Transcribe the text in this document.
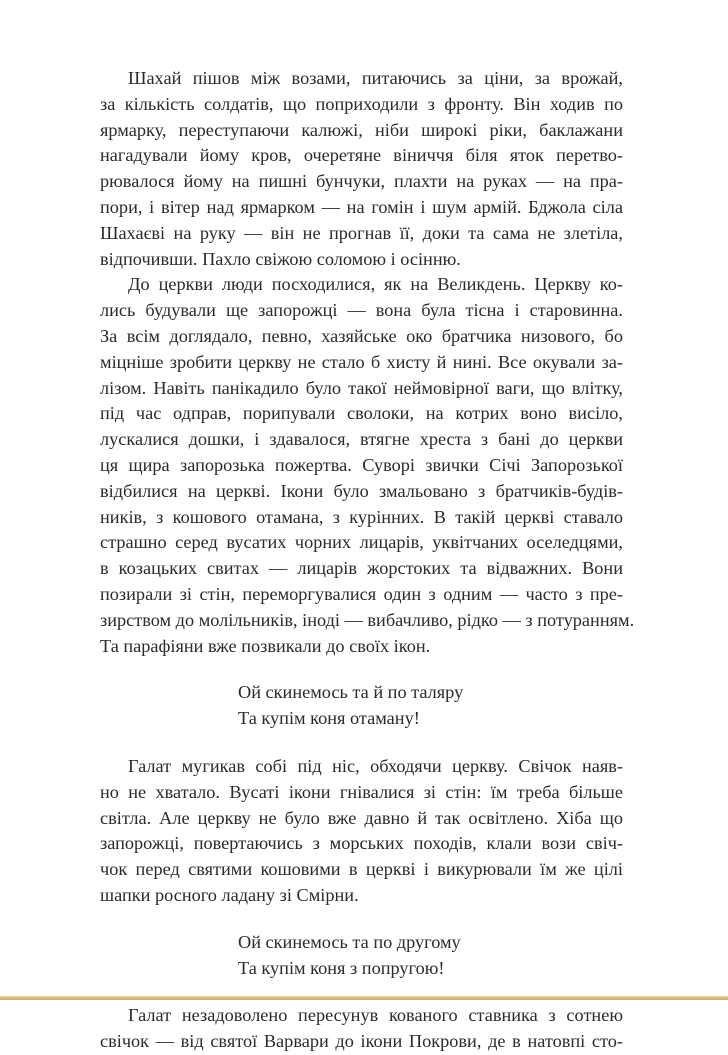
Шахай пішов між возами, питаючись за ціни, за врожай,
за кількість солдатів, що поприходили з фронту. Він ходив по
ярмарку, переступаючи калюжі, ніби широкі ріки, баклажани
нагадували йому кров, очеретяне віниччя біля яток перетво-
рювалося йому на пишні бунчуки, плахти на руках — на пра-
пори, і вітер над ярмарком — на гомін і шум армій. Бджола сіла
Шахаєві на руку — він не прогнав її, доки та сама не злетіла,
відпочивши. Пахло свіжою соломою і осінню.

До церкви люди посходилися, як на Великдень. Церкву ко-
лись будували ще запорожці — вона була тісна і старовинна.
За всім доглядало, певно, хазяйське око братчика низового, бо
міцніше зробити церкву не стало б хисту й нині. Все окували за-
лізом. Навіть панікадило було такої неймовірної ваги, що влітку,
під час одправ, порипували сволоки, на котрих воно висіло,
лускалися дошки, і здавалося, втягне хреста з бані до церкви
ця щира запорозька пожертва. Суворі звички Січі Запорозької
відбилися на церкві. Ікони було змальовано з братчиків-будів-
ників, з кошового отамана, з курінних. В такій церкві ставало
страшно серед вусатих чорних лицарів, уквітчаних оселедцями,
в козацьких свитах — лицарів жорстоких та відважних. Вони
позирали зі стін, переморгувалися один з одним — часто з пре-
зирством до молільників, іноді — вибачливо, рідко — з потуранням.
Та парафіяни вже позвикали до своїх ікон.

Ой скинемось та й по таляру
Та купім коня отаману!

Галат мугикав собі під ніс, обходячи церкву. Свічок наяв-
но не хватало. Вусаті ікони гнівалися зі стін: їм треба більше
світла. Але церкву не було вже давно й так освітлено. Хіба що
запорожці, повертаючись з морських походів, клали вози свіч-
чок перед святими кошовими в церкві і викурювали їм же цілі
шапки росного ладану зі Смірни.

Ой скинемось та по другому
Та купім коня з попругою!

Галат незадоволено пересунув кованого ставника з сотнею
свічок — від святої Варвари до ікони Покрови, де в натовпі сто-
